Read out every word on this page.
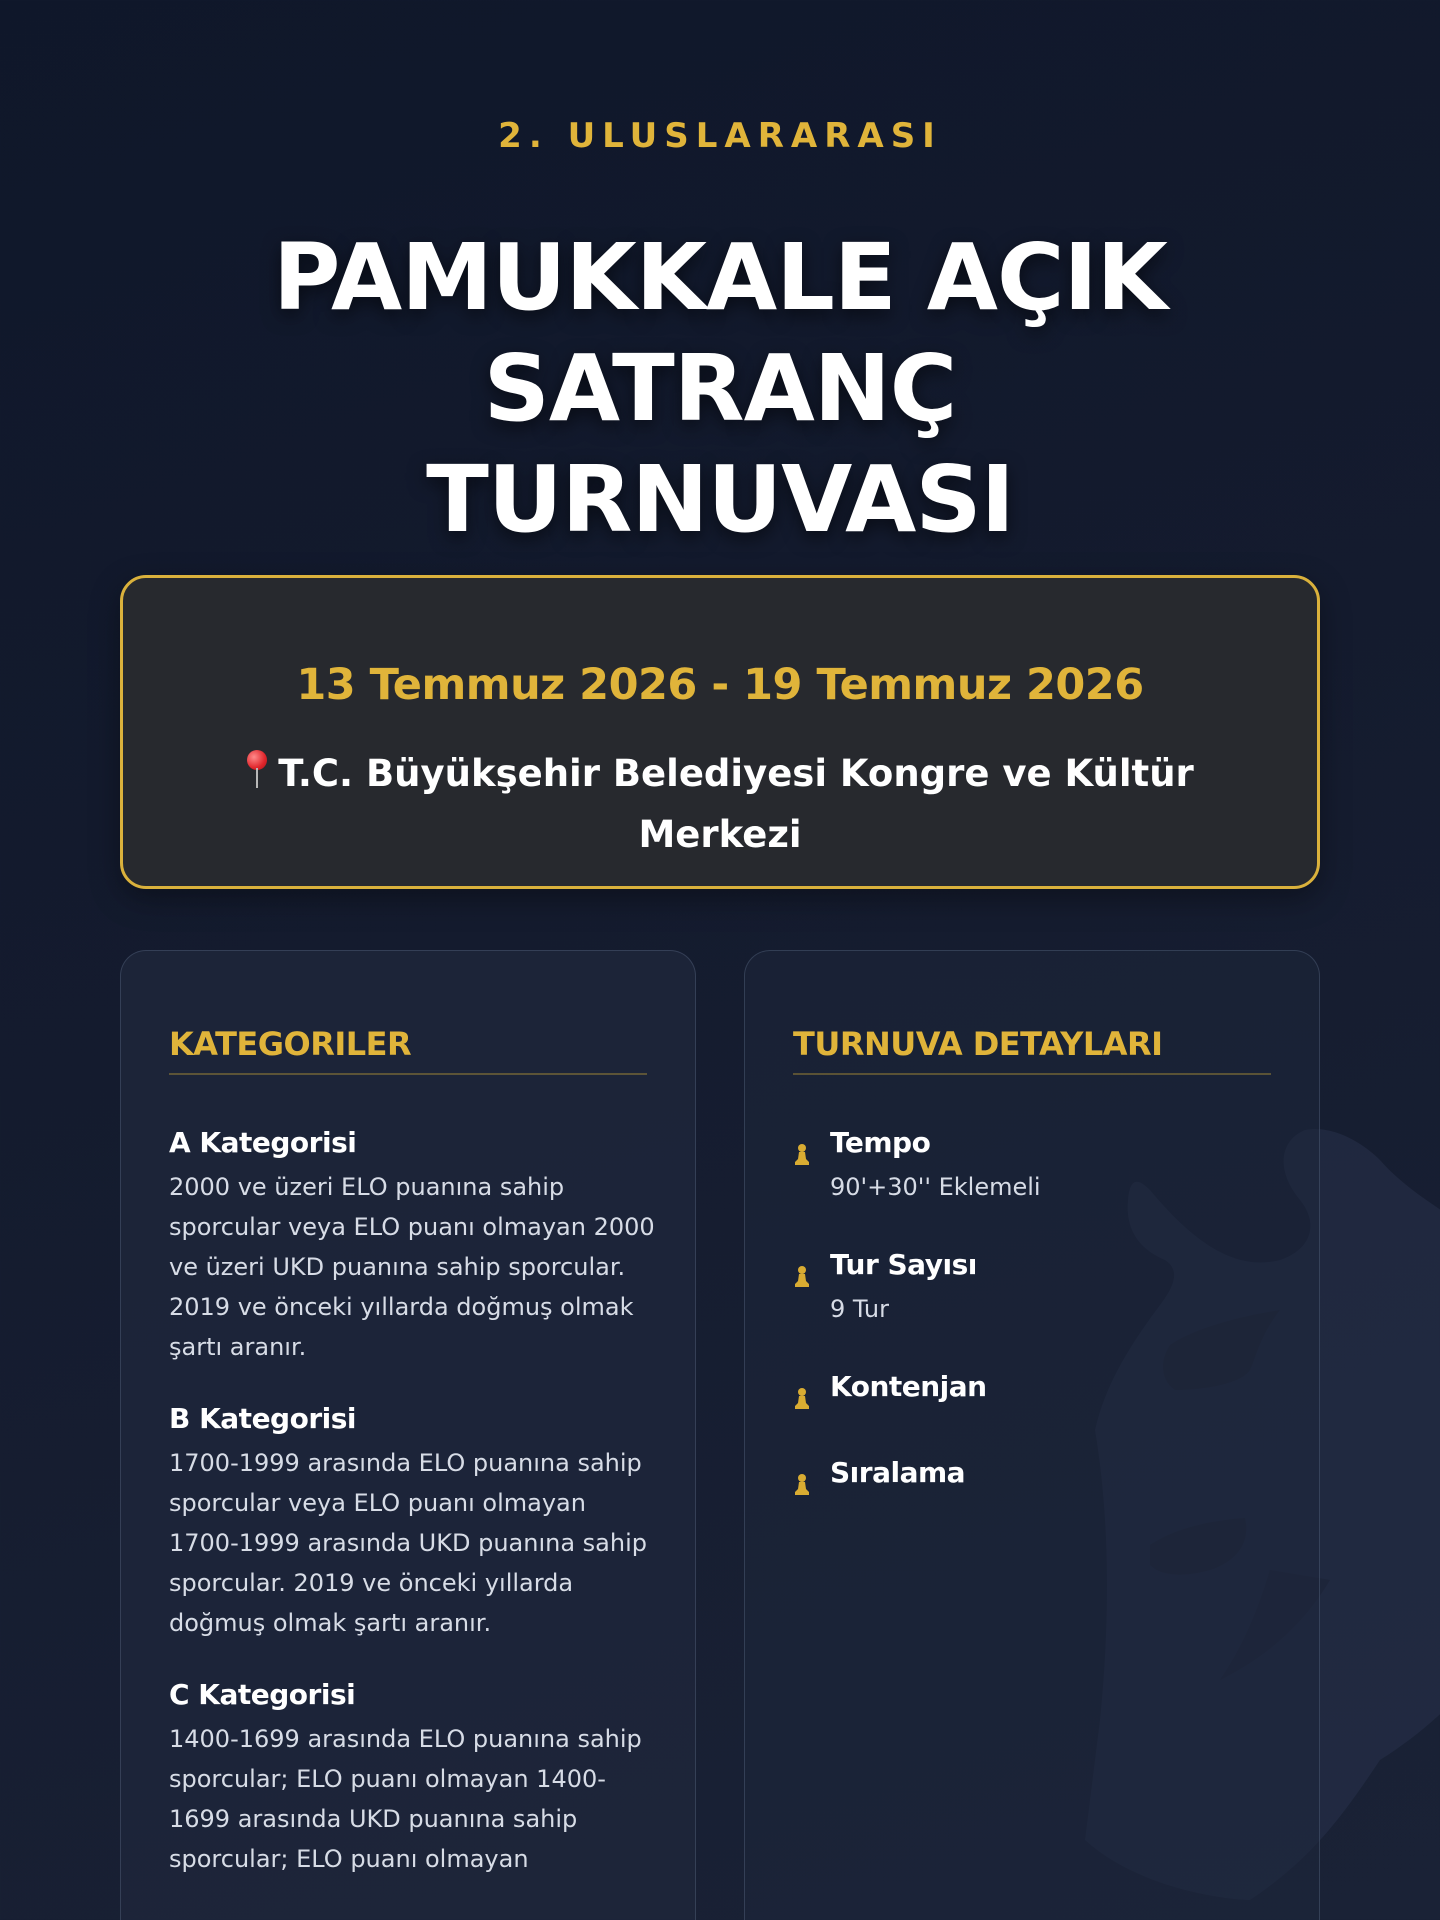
2. ULUSLARARASI
PAMUKKALE AÇIK
SATRANÇ
TURNUVASI
13 Temmuz 2026 - 19 Temmuz 2026
T.C. Büyükşehir Belediyesi Kongre ve Kültür Merkezi
KATEGORILER
A Kategorisi
2000 ve üzeri ELO puanına sahip sporcular veya ELO puanı olmayan 2000 ve üzeri UKD puanına sahip sporcular. 2019 ve önceki yıllarda doğmuş olmak şartı aranır.
B Kategorisi
1700-1999 arasında ELO puanına sahip sporcular veya ELO puanı olmayan 1700-1999 arasında UKD puanına sahip sporcular. 2019 ve önceki yıllarda doğmuş olmak şartı aranır.
C Kategorisi
1400-1699 arasında ELO puanına sahip sporcular; ELO puanı olmayan 1400-1699 arasında UKD puanına sahip sporcular; ELO puanı olmayan
TURNUVA DETAYLARI
Tempo
90'+30'' Eklemeli
Tur Sayısı
9 Tur
Kontenjan
Sıralama
